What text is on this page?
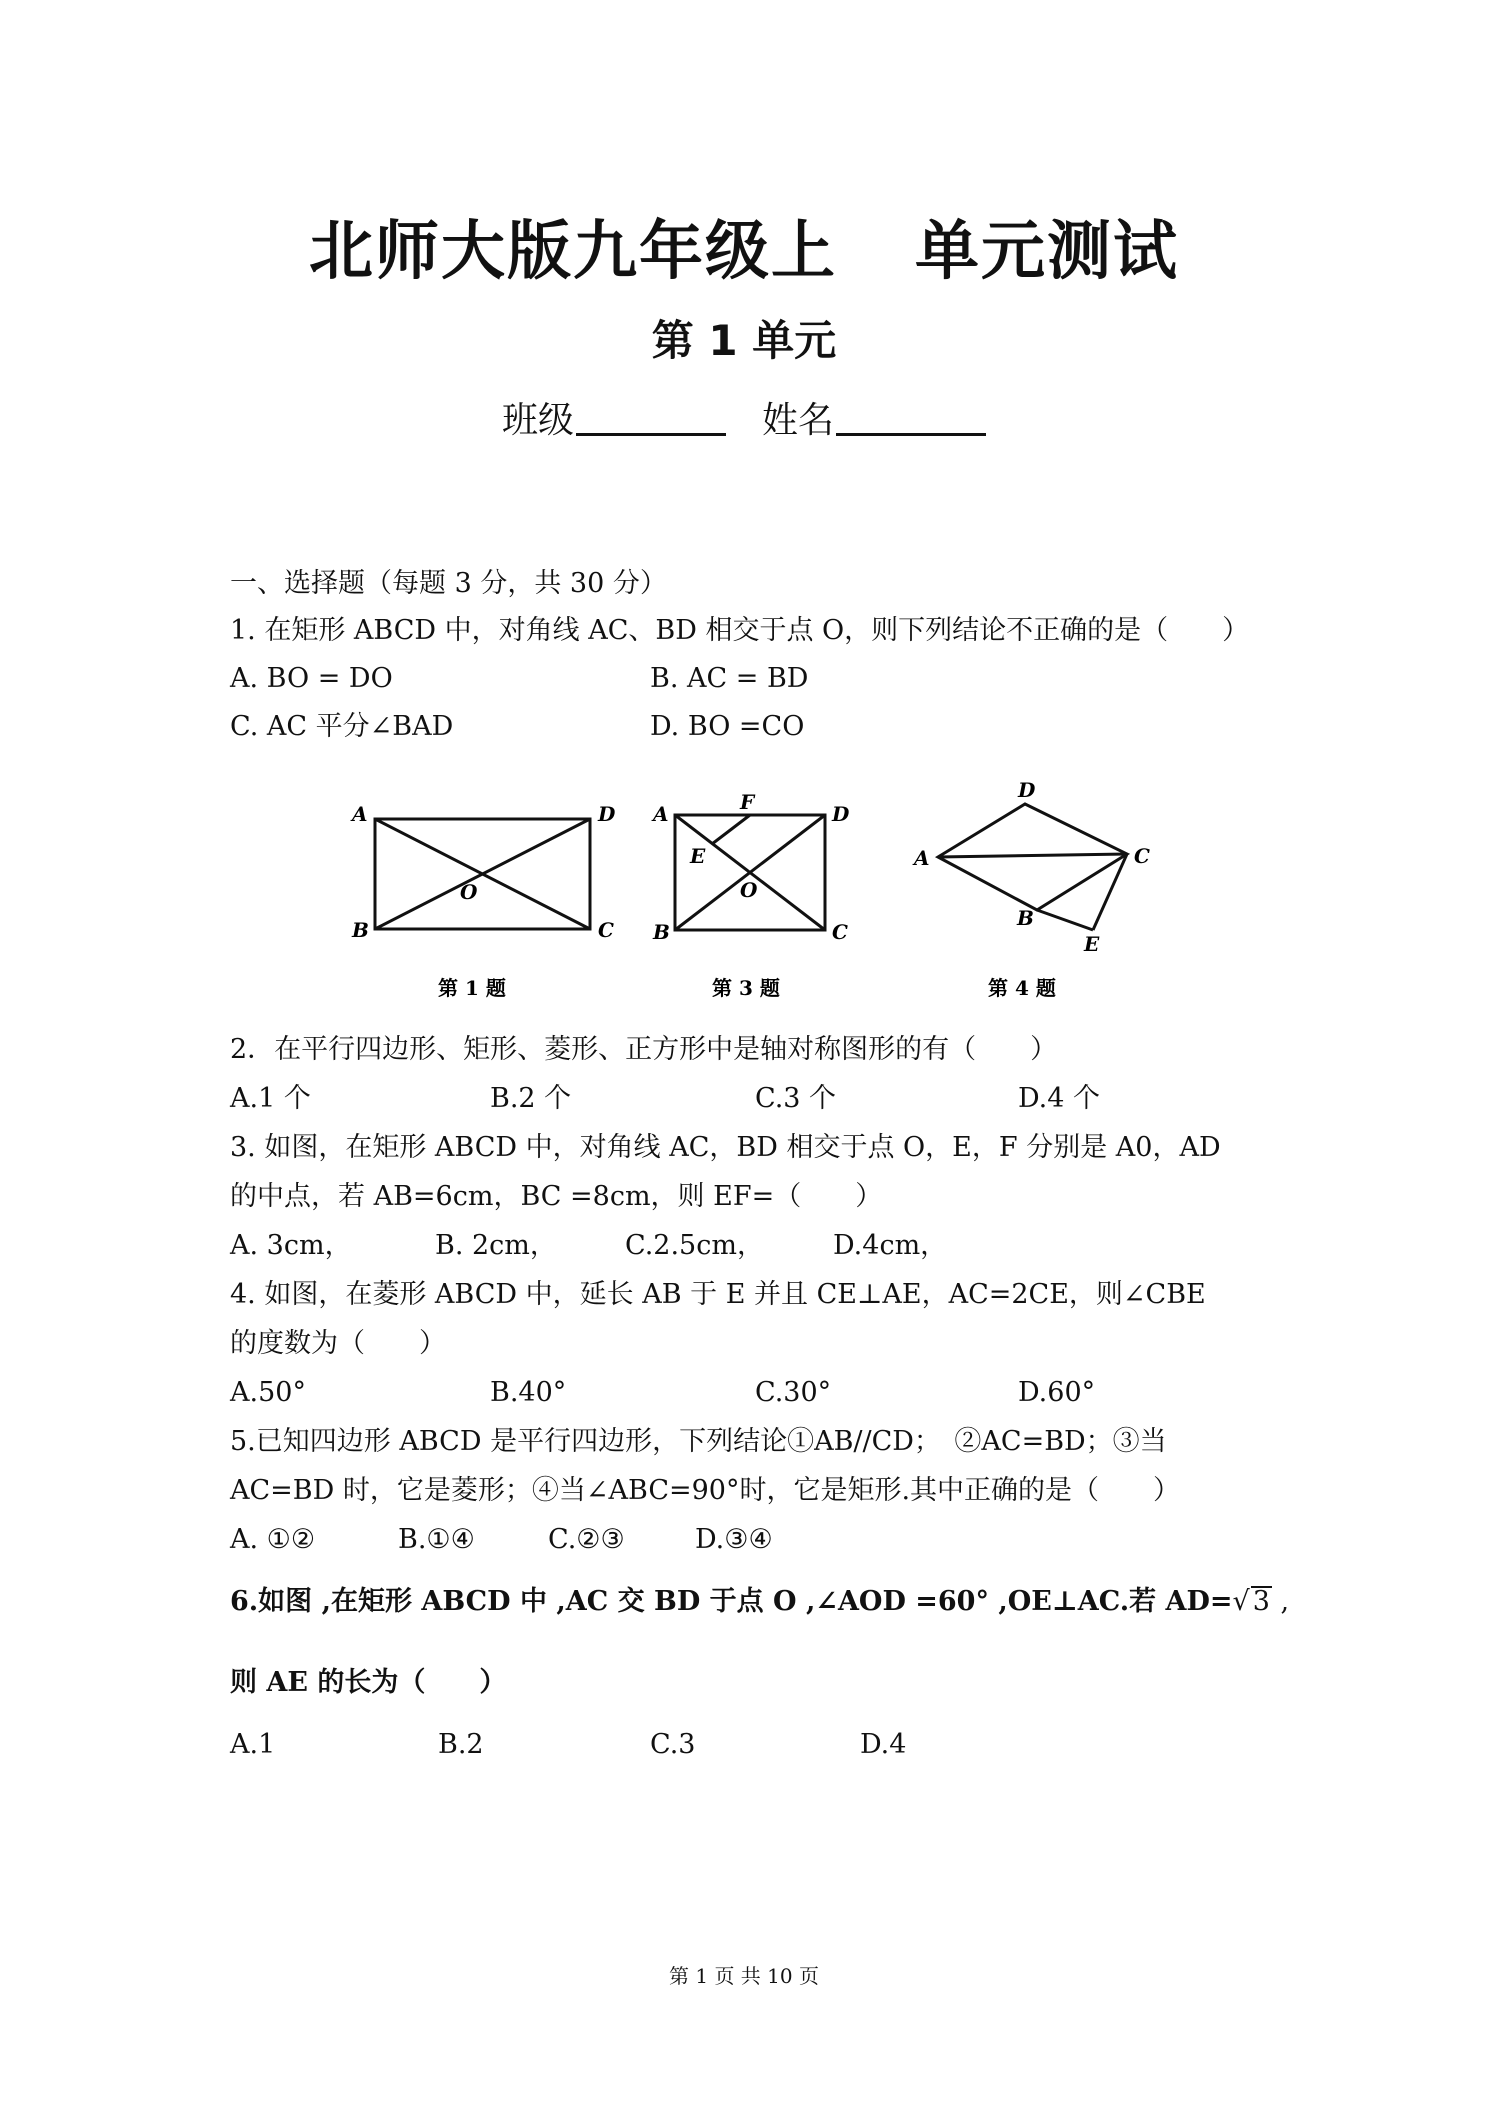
北师大版九年级上 单元测试
第 1 单元
班级	姓名
一、选择题（每题 3 分，共 30 分）
1. 在矩形 ABCD 中，对角线 AC、BD 相交于点 O，则下列结论不正确的是（　　）
A. BO = DO	B. AC = BD
C. AC 平分∠BAD	D. BO =CO
A	D
B	C
O
第 1 题
A	F	D
E
O
B	C
第 3 题
D
A	C
B
E
第 4 题
2．在平行四边形、矩形、菱形、正方形中是轴对称图形的有（　　）
A.1 个	B.2 个	C.3 个	D.4 个
3. 如图，在矩形 ABCD 中，对角线 AC，BD 相交于点 O，E，F 分别是 A0，AD
的中点，若 AB=6cm，BC =8cm，则 EF=（　　）
A. 3cm，	B. 2cm，	C.2.5cm，	D.4cm，
4. 如图，在菱形 ABCD 中，延长 AB 于 E 并且 CE⊥AE，AC=2CE，则∠CBE
的度数为（　　）
A.50°	B.40°	C.30°	D.60°
5.已知四边形 ABCD 是平行四边形，下列结论①AB//CD；　②AC=BD；③当
AC=BD 时，它是菱形；④当∠ABC=90°时，它是矩形.其中正确的是（　　）
A. ①②	B.①④	C.②③	D.③④
6.如图 ,在矩形 ABCD 中 ,AC 交 BD 于点 O ,∠AOD =60° ,OE⊥AC.若 AD=√ 3 ,
则 AE 的长为（　　）
A.1	B.2	C.3	D.4
第 1 页 共 10 页
